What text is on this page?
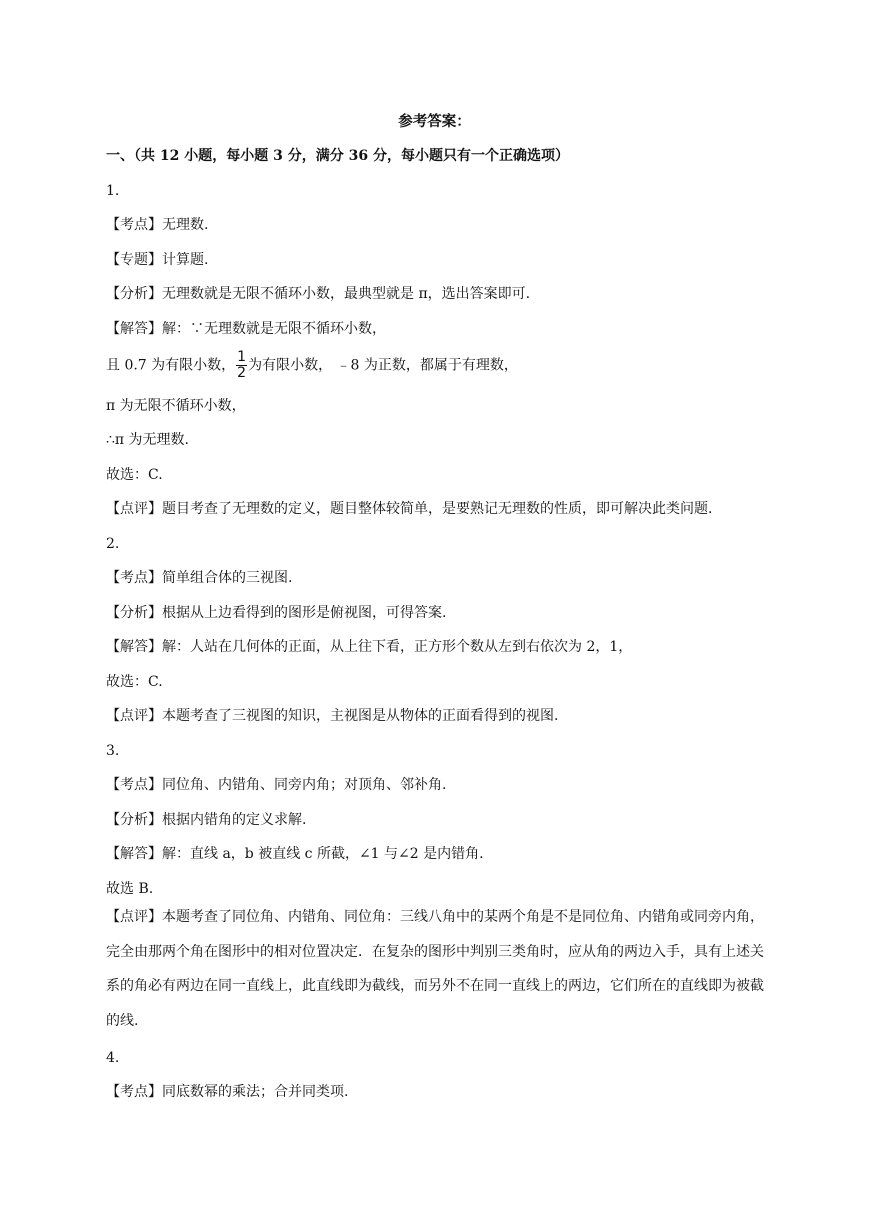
参考答案：
一、（共 12 小题，每小题 3 分，满分 36 分，每小题只有一个正确选项）
1.
【考点】无理数.
【专题】计算题.
【分析】无理数就是无限不循环小数，最典型就是 π，选出答案即可.
【解答】解：∵无理数就是无限不循环小数，
且 0.7 为有限小数， $\frac{1}{2}$ 为有限小数， ﹣8 为正数，都属于有理数，
π 为无限不循环小数，
∴π 为无理数.
故选：C.
【点评】题目考查了无理数的定义，题目整体较简单，是要熟记无理数的性质，即可解决此类问题.
2.
【考点】简单组合体的三视图.
【分析】根据从上边看得到的图形是俯视图，可得答案.
【解答】解：人站在几何体的正面，从上往下看，正方形个数从左到右依次为 2，1，
故选：C.
【点评】本题考查了三视图的知识，主视图是从物体的正面看得到的视图.
3.
【考点】同位角、内错角、同旁内角；对顶角、邻补角.
【分析】根据内错角的定义求解.
【解答】解：直线 a，b 被直线 c 所截，∠1 与∠2 是内错角.
故选 B.
【点评】本题考查了同位角、内错角、同位角：三线八角中的某两个角是不是同位角、内错角或同旁内角，完全由那两个角在图形中的相对位置决定．在复杂的图形中判别三类角时，应从角的两边入手，具有上述关系的角必有两边在同一直线上，此直线即为截线，而另外不在同一直线上的两边，它们所在的直线即为被截的线.
4.
【考点】同底数幂的乘法；合并同类项.
